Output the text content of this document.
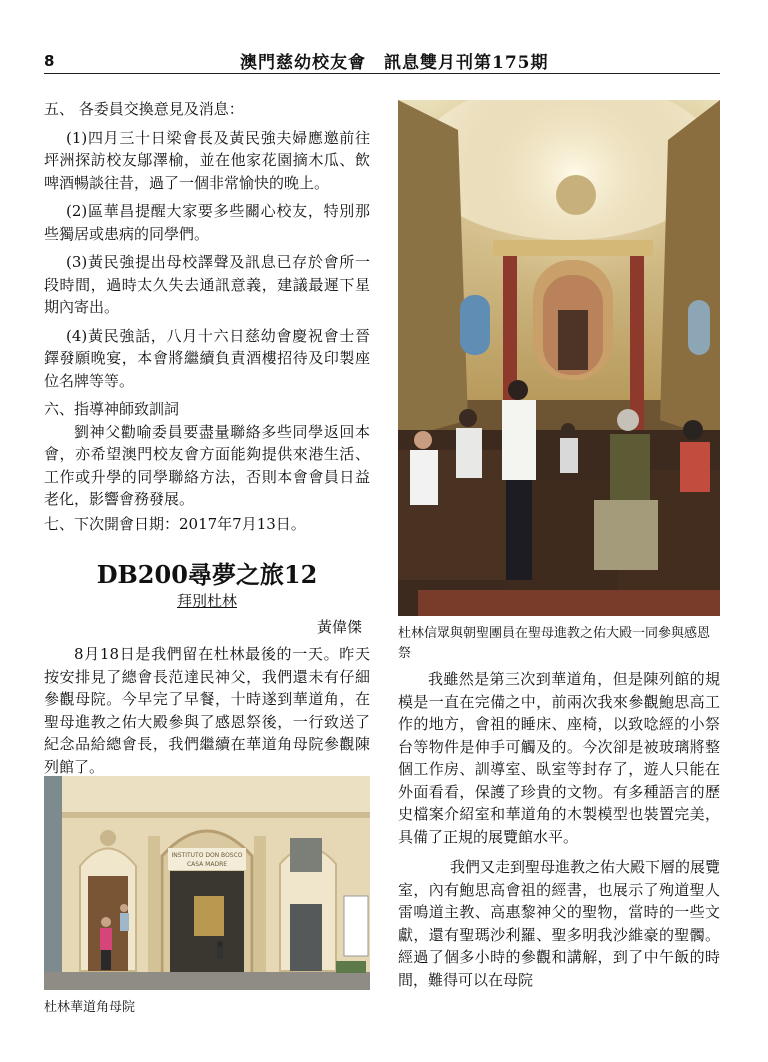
8	澳門慈幼校友會　訊息雙月刊第175期
五、 各委員交換意見及消息：

(1)四月三十日梁會長及黃民強夫婦應邀前往坪洲探訪校友鄔澤榆，並在他家花園摘木瓜、飲啤酒暢談往昔，過了一個非常愉快的晚上。

(2)區華昌提醒大家要多些關心校友，特別那些獨居或患病的同學們。

(3)黃民強提出母校譯聲及訊息已存於會所一段時間，過時太久失去通訊意義，建議最遲下星期內寄出。

(4)黃民強話，八月十六日慈幼會慶祝會士晉鐸發願晚宴，本會將繼續負責酒樓招待及印製座位名牌等等。

六、指導神師致訓詞

劉神父勸喻委員要盡量聯絡多些同學返回本會，亦希望澳門校友會方面能夠提供來港生活、工作或升學的同學聯絡方法，否則本會會員日益老化，影響會務發展。

七、下次開會日期：2017年7月13日。
DB200尋夢之旅12
拜別杜林
黃偉傑

8月18日是我們留在杜林最後的一天。昨天按安排見了總會長范達民神父，我們還未有仔細參觀母院。今早完了早餐，十時遂到華道角，在聖母進教之佑大殿參與了感恩祭後，一行致送了紀念品給總會長，我們繼續在華道角母院參觀陳列館了。

杜林信眾與朝聖團員在聖母進教之佑大殿一同參與感恩祭

我雖然是第三次到華道角，但是陳列館的規模是一直在完備之中，前兩次我來參觀鮑思高工作的地方，會祖的睡床、座椅，以致唸經的小祭台等物件是伸手可觸及的。今次卻是被玻璃將整個工作房、訓導室、臥室等封存了，遊人只能在外面看看，保護了珍貴的文物。有多種語言的歷史檔案介紹室和華道角的木製模型也裝置完美，具備了正規的展覽館水平。

我們又走到聖母進教之佑大殿下層的展覽室，內有鮑思高會祖的經書，也展示了殉道聖人雷鳴道主教、高惠黎神父的聖物，當時的一些文獻，還有聖瑪沙利羅、聖多明我沙維豪的聖髑。經過了個多小時的參觀和講解，到了中午飯的時間，難得可以在母院

INSTITUTO DON BOSCO
CASA MADRE
杜林華道角母院
